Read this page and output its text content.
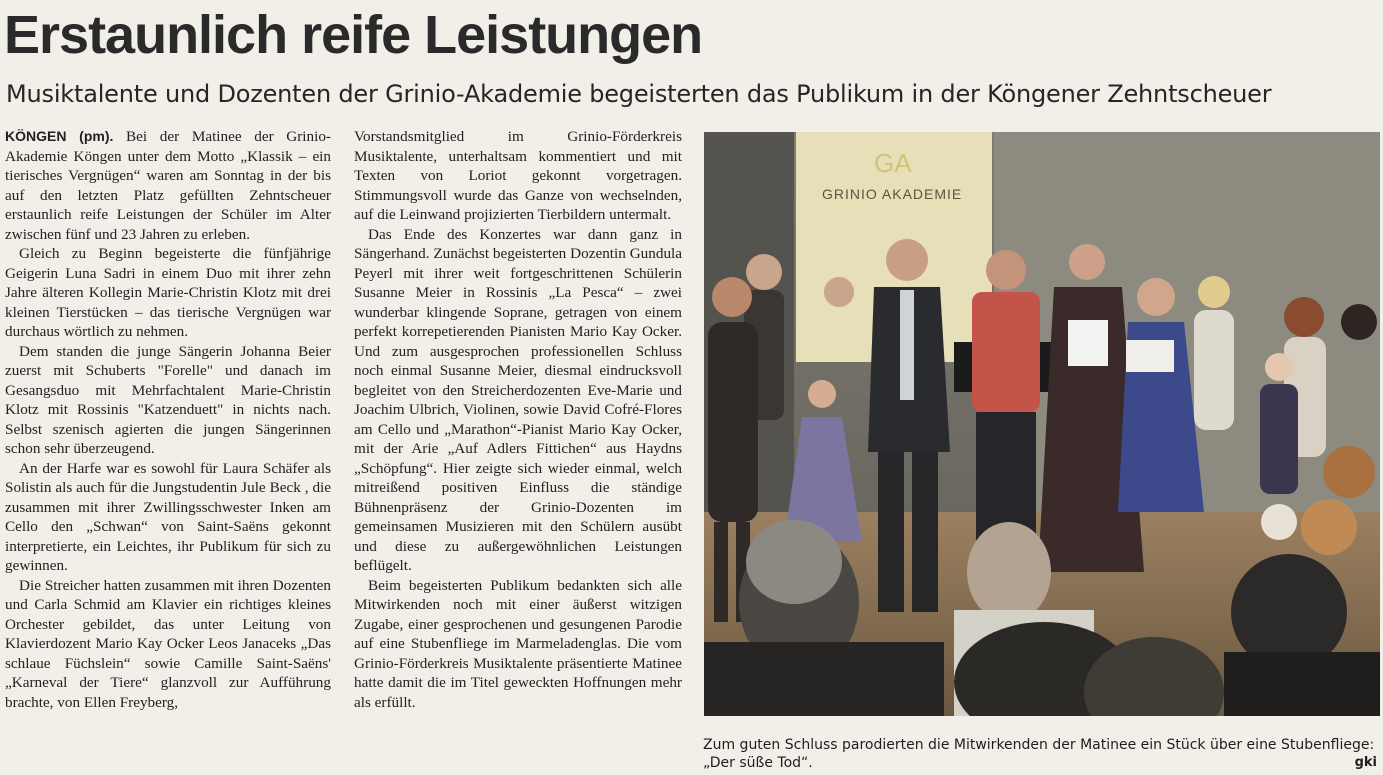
Erstaunlich reife Leistungen
Musiktalente und Dozenten der Grinio-Akademie begeisterten das Publikum in der Köngener Zehntscheuer

KÖNGEN (pm). Bei der Matinee der Grinio-Akademie Köngen unter dem Motto „Klassik – ein tierisches Vergnügen“ waren am Sonntag in der bis auf den letzten Platz gefüllten Zehntscheuer erstaunlich reife Leistungen der Schüler im Alter zwischen fünf und 23 Jahren zu erleben.

Gleich zu Beginn begeisterte die fünfjährige Geigerin Luna Sadri in einem Duo mit ihrer zehn Jahre älteren Kollegin Marie-Christin Klotz mit drei kleinen Tierstücken – das tierische Vergnügen war durchaus wörtlich zu nehmen.

Dem standen die junge Sängerin Johanna Beier zuerst mit Schuberts "Forelle" und danach im Gesangsduo mit Mehrfachtalent Marie-Christin Klotz mit Rossinis "Katzenduett" in nichts nach. Selbst szenisch agierten die jungen Sängerinnen schon sehr überzeugend.

An der Harfe war es sowohl für Laura Schäfer als Solistin als auch für die Jungstudentin Jule Beck , die zusammen mit ihrer Zwillingsschwester Inken am Cello den „Schwan“ von Saint-Saëns gekonnt interpretierte, ein Leichtes, ihr Publikum für sich zu gewinnen.

Die Streicher hatten zusammen mit ihren Dozenten und Carla Schmid am Klavier ein richtiges kleines Orchester gebildet, das unter Leitung von Klavierdozent Mario Kay Ocker Leos Janaceks „Das schlaue Füchslein“ sowie Camille Saint-Saëns' „Karneval der Tiere“ glanzvoll zur Aufführung brachte, von Ellen Freyberg,

Vorstandsmitglied im Grinio-Förderkreis Musiktalente, unterhaltsam kommentiert und mit Texten von Loriot gekonnt vorgetragen. Stimmungsvoll wurde das Ganze von wechselnden, auf die Leinwand projizierten Tierbildern untermalt.

Das Ende des Konzertes war dann ganz in Sängerhand. Zunächst begeisterten Dozentin Gundula Peyerl mit ihrer weit fortgeschrittenen Schülerin Susanne Meier in Rossinis „La Pesca“ – zwei wunderbar klingende Soprane, getragen von einem perfekt korrepetierenden Pianisten Mario Kay Ocker. Und zum ausgesprochen professionellen Schluss noch einmal Susanne Meier, diesmal eindrucksvoll begleitet von den Streicherdozenten Eve-Marie und Joachim Ulbrich, Violinen, sowie David Cofré-Flores am Cello und „Marathon“-Pianist Mario Kay Ocker, mit der Arie „Auf Adlers Fittichen“ aus Haydns „Schöpfung“. Hier zeigte sich wieder einmal, welch mitreißend positiven Einfluss die ständige Bühnenpräsenz der Grinio-Dozenten im gemeinsamen Musizieren mit den Schülern ausübt und diese zu außergewöhnlichen Leistungen beflügelt.

Beim begeisterten Publikum bedankten sich alle Mitwirkenden noch mit einer äußerst witzigen Zugabe, einer gesprochenen und gesungenen Parodie auf eine Stubenfliege im Marmeladenglas. Die vom Grinio-Förderkreis Musiktalente präsentierte Matinee hatte damit die im Titel geweckten Hoffnungen mehr als erfüllt.

GA
GRINIO AKADEMIE
Zum guten Schluss parodierten die Mitwirkenden der Matinee ein Stück über eine Stubenfliege: „Der süße Tod“.	gki
